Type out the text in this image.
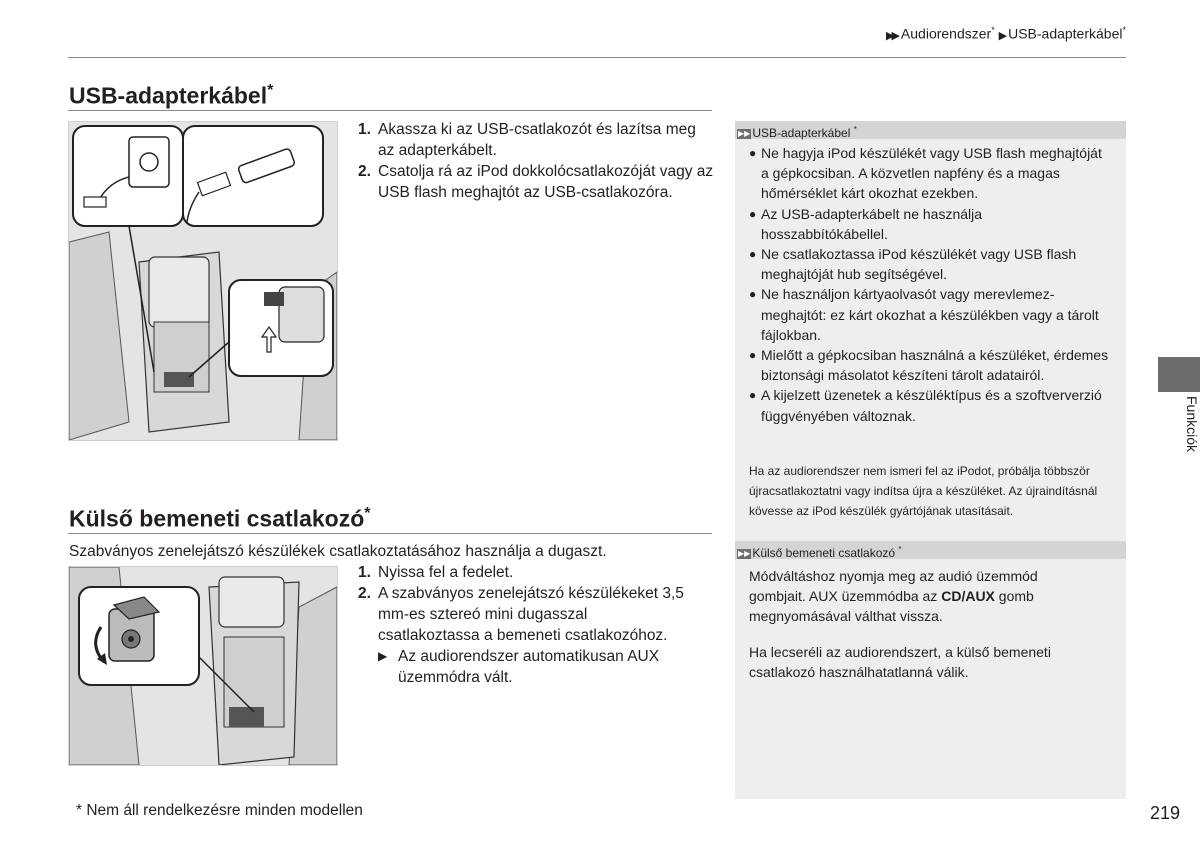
▶▶ Audiorendszer* ▶ USB-adapterkábel*
USB-adapterkábel*
1. Akassza ki az USB-csatlakozót és lazítsa meg az adapterkábelt.
2. Csatolja rá az iPod dokkolócsatlakozóját vagy az USB flash meghajtót az USB-csatlakozóra.
Külső bemeneti csatlakozó*
Szabványos zenelejátszó készülékek csatlakoztatásához használja a dugaszt.
1. Nyissa fel a fedelet.
2. A szabványos zenelejátszó készülékeket 3,5 mm-es sztereó mini dugasszal csatlakoztassa a bemeneti csatlakozóhoz.
▶ Az audiorendszer automatikusan AUX üzemmódra vált.
▶▶ USB-adapterkábel *
● Ne hagyja iPod készülékét vagy USB flash meghajtóját a gépkocsiban. A közvetlen napfény és a magas hőmérséklet kárt okozhat ezekben.
● Az USB-adapterkábelt ne használja hosszabbítókábellel.
● Ne csatlakoztassa iPod készülékét vagy USB flash meghajtóját hub segítségével.
● Ne használjon kártyaolvasót vagy merevlemez-meghajtót: ez kárt okozhat a készülékben vagy a tárolt fájlokban.
● Mielőtt a gépkocsiban használná a készüléket, érdemes biztonsági másolatot készíteni tárolt adatairól.
● A kijelzett üzenetek a készüléktípus és a szoftververzió függvényében változnak.
Ha az audiorendszer nem ismeri fel az iPodot, próbálja többször újracsatlakoztatni vagy indítsa újra a készüléket. Az újraindításnál kövesse az iPod készülék gyártójának utasításait.
▶▶ Külső bemeneti csatlakozó *
Módváltáshoz nyomja meg az audió üzemmód gombjait. AUX üzemmódba az CD/AUX gomb megnyomásával válthat vissza.
Ha lecseréli az audiorendszert, a külső bemeneti csatlakozó használhatatlanná válik.
Funkciók
* Nem áll rendelkezésre minden modellen	219
